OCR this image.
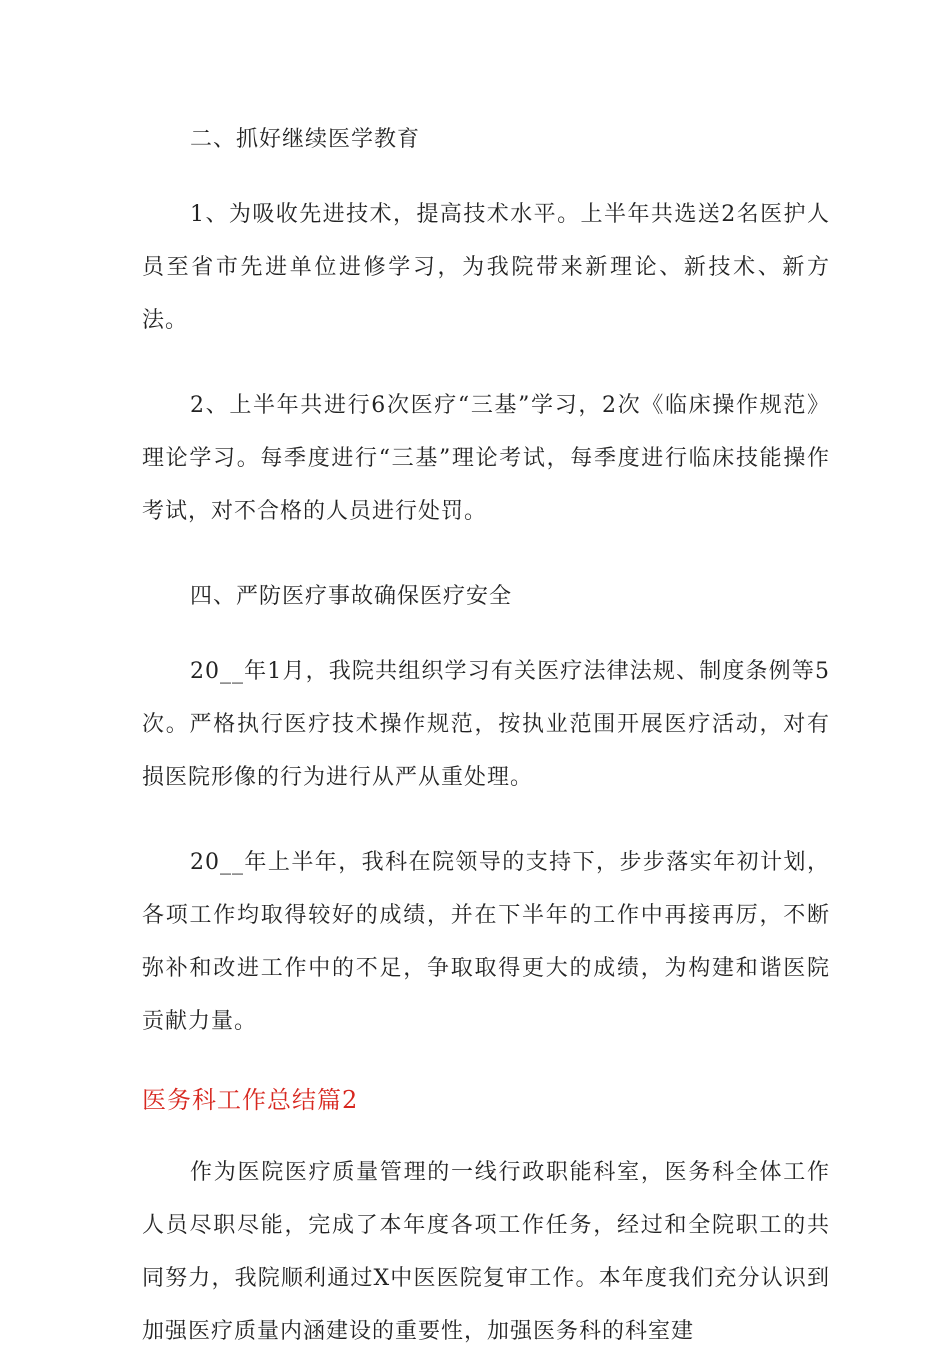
二、抓好继续医学教育

1、为吸收先进技术，提高技术水平。上半年共选送2名医护人员至省市先进单位进修学习，为我院带来新理论、新技术、新方法。

2、上半年共进行6次医疗“三基”学习，2次《临床操作规范》理论学习。每季度进行“三基”理论考试，每季度进行临床技能操作考试，对不合格的人员进行处罚。

四、严防医疗事故确保医疗安全

20__年1月，我院共组织学习有关医疗法律法规、制度条例等5次。严格执行医疗技术操作规范，按执业范围开展医疗活动，对有损医院形像的行为进行从严从重处理。

20__年上半年，我科在院领导的支持下，步步落实年初计划，各项工作均取得较好的成绩，并在下半年的工作中再接再厉，不断弥补和改进工作中的不足，争取取得更大的成绩，为构建和谐医院贡献力量。

医务科工作总结篇2

作为医院医疗质量管理的一线行政职能科室，医务科全体工作人员尽职尽能，完成了本年度各项工作任务，经过和全院职工的共同努力，我院顺利通过X中医医院复审工作。本年度我们充分认识到加强医疗质量内涵建设的重要性，加强医务科的科室建
